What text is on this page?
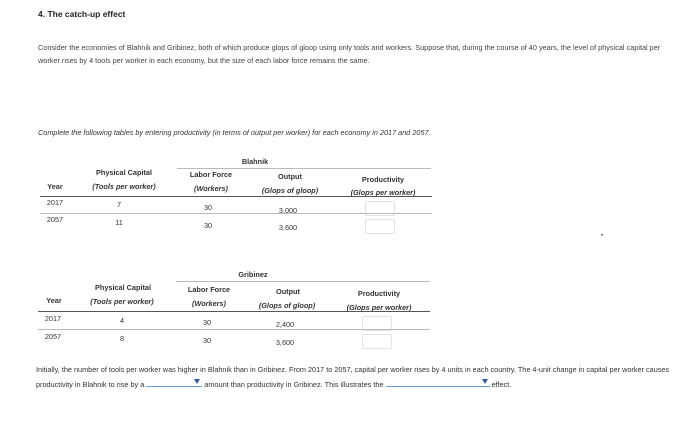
4. The catch-up effect
Consider the economies of Blahnik and Gribinez, both of which produce glops of gloop using only tools and workers. Suppose that, during the course of 40 years, the level of physical capital per worker rises by 4 tools per worker in each economy, but the size of each labor force remains the same.
Complete the following tables by entering productivity (in terms of output per worker) for each economy in 2017 and 2057.
Blahnik
Physical Capital	Labor Force	Output	Productivity
Year	(Tools per worker)	(Workers)	(Glops of gloop)	(Glops per worker)
2017	7	30	3,000
2057	11	30	3,600
•
Gribinez
Physical Capital	Labor Force	Output	Productivity
Year	(Tools per worker)	(Workers)	(Glops of gloop)	(Glops per worker)
2017	4	30	2,400
2057	8	30	3,600
Initially, the number of tools per worker was higher in Blahnik than in Gribinez. From 2017 to 2057, capital per worker rises by 4 units in each country. The 4-unit change in capital per worker causes productivity in Blahnik to rise by a	amount than productivity in Gribinez. This illustrates the	effect.
